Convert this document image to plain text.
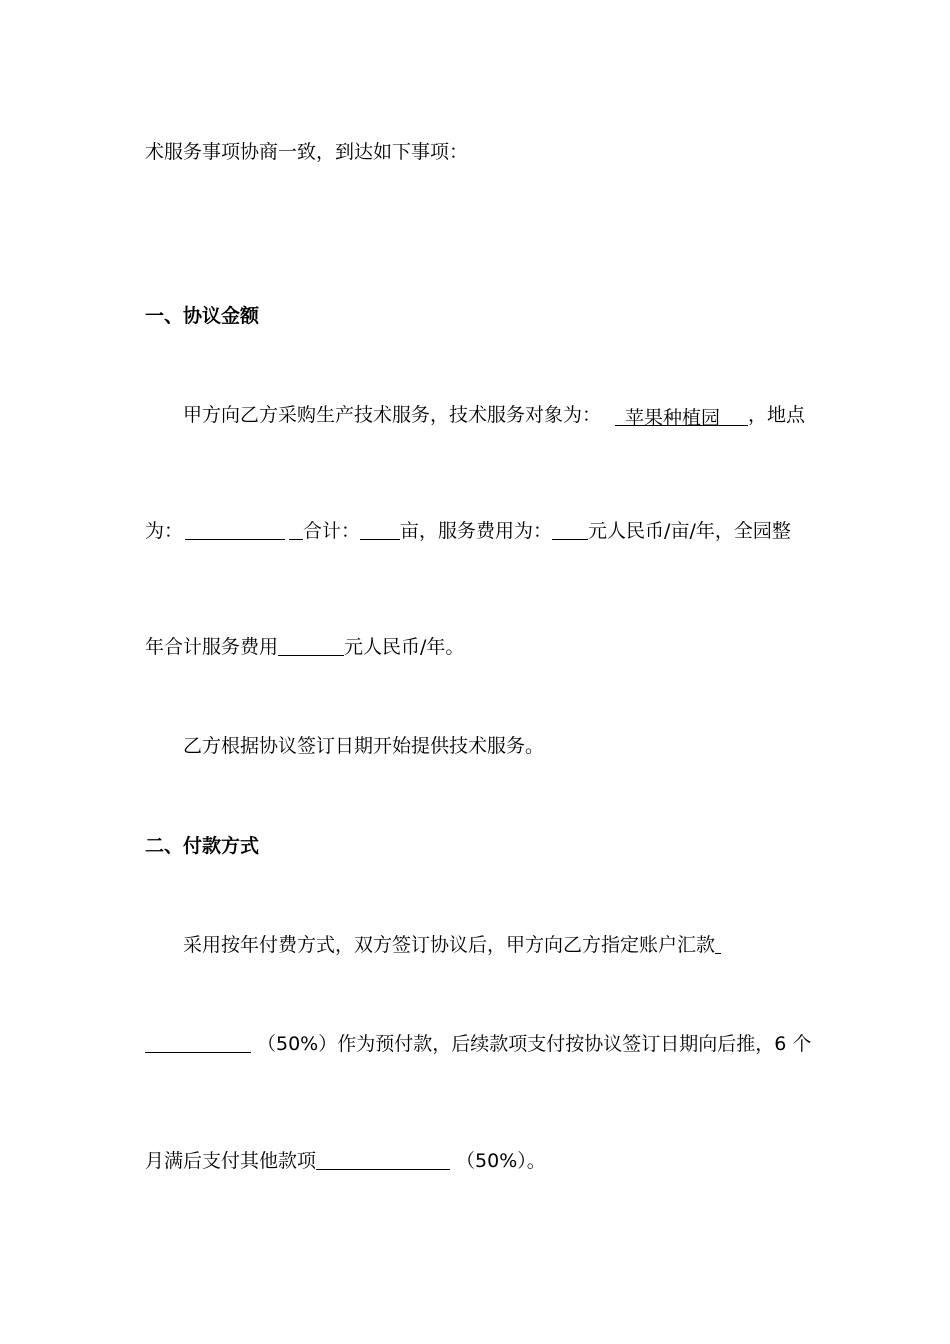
术服务事项协商一致，到达如下事项：
一、协议金额
甲方向乙方采购生产技术服务，技术服务对象为： 苹果种植园 ，地点
为：	合计： 亩，服务费用为： 元人民币/亩/年，全园整
年合计服务费用	元人民币/年。
乙方根据协议签订日期开始提供技术服务。
二、付款方式
采用按年付费方式，双方签订协议后，甲方向乙方指定账户汇款
（50%）作为预付款，后续款项支付按协议签订日期向后推，6 个
月满后支付其他款项	（50%）。
